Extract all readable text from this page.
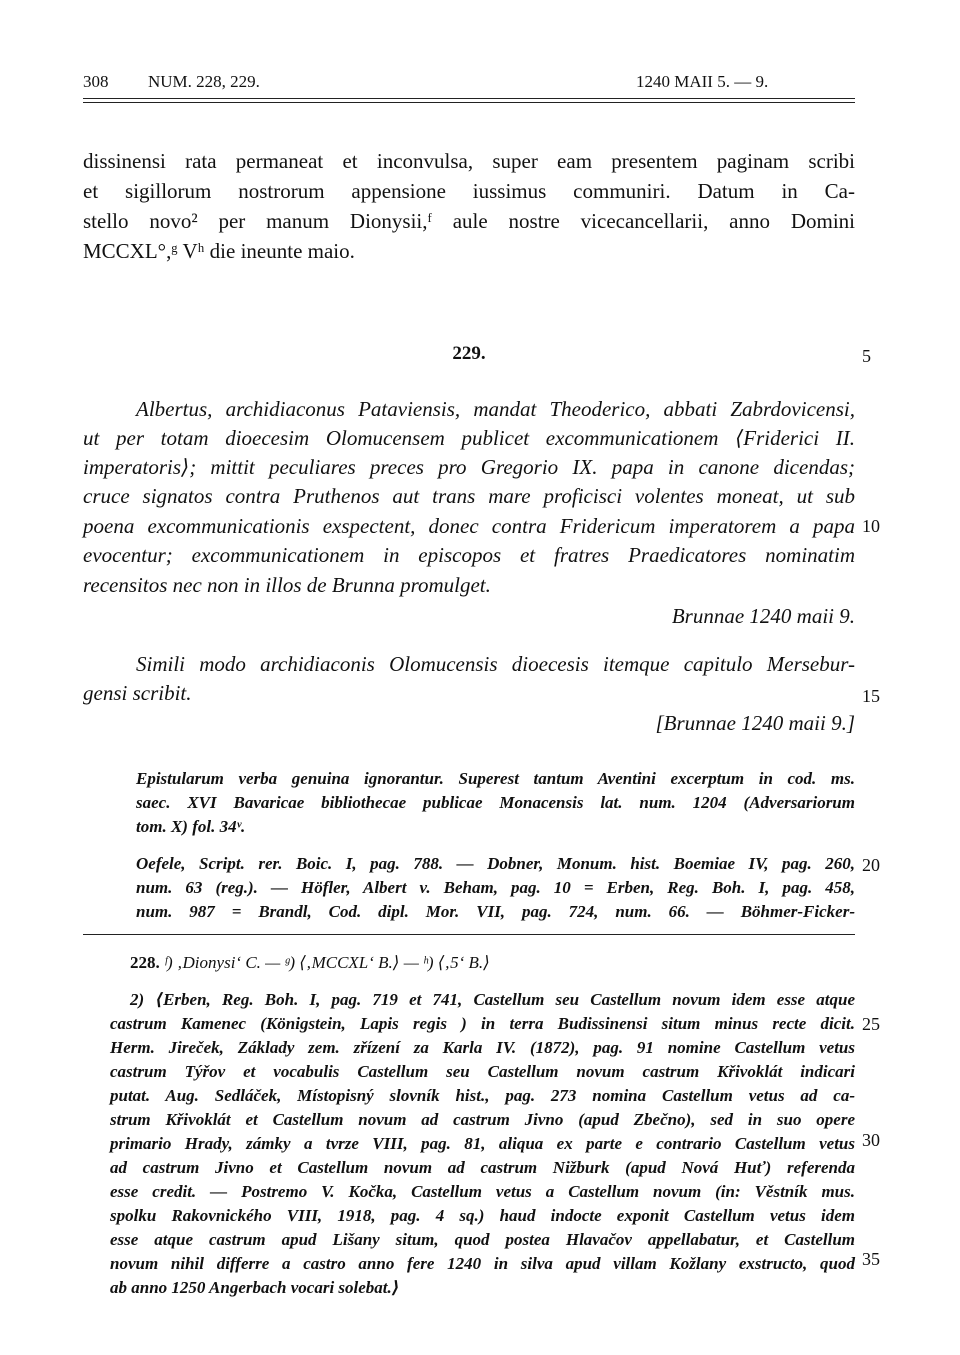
308 NUM. 228, 229.	1240 MAII 5. — 9.
dissinensi rata permaneat et inconvulsa, super eam presentem paginam scribi
et sigillorum nostrorum appensione iussimus communiri. Datum in Ca-
stello novo² per manum Dionysii,ᶠ aule nostre vicecancellarii, anno Domini
MCCXL°,ᵍ Vʰ die ineunte maio.
229.
Albertus, archidiaconus Pataviensis, mandat Theoderico, abbati Zabrdovicensi,
ut per totam dioecesim Olomucensem publicet excommunicationem ⟨Friderici II.
imperatoris⟩; mittit peculiares preces pro Gregorio IX. papa in canone dicendas;
cruce signatos contra Pruthenos aut trans mare proficisci volentes moneat, ut sub
poena excommunicationis exspectent, donec contra Fridericum imperatorem a papa
evocentur; excommunicationem in episcopos et fratres Praedicatores nominatim
recensitos nec non in illos de Brunna promulget.
Brunnae 1240 maii 9.
Simili modo archidiaconis Olomucensis dioecesis itemque capitulo Mersebur-
gensi scribit.
[Brunnae 1240 maii 9.]
Epistularum verba genuina ignorantur. Superest tantum Aventini excerptum in cod. ms.
saec. XVI Bavaricae bibliothecae publicae Monacensis lat. num. 1204 (Adversariorum
tom. X) fol. 34ᵛ.
Oefele, Script. rer. Boic. I, pag. 788. — Dobner, Monum. hist. Boemiae IV, pag. 260,
num. 63 (reg.). — Höfler, Albert v. Beham, pag. 10 = Erben, Reg. Boh. I, pag. 458,
num. 987 = Brandl, Cod. dipl. Mor. VII, pag. 724, num. 66. — Böhmer-Ficker-
5
10
15
20
25
30
35
228. ᶠ) ‚Dionysi‘ C. — ᵍ) ⟨‚MCCXL‘ B.⟩ — ʰ) ⟨‚5‘ B.⟩
2) ⟨Erben, Reg. Boh. I, pag. 719 et 741, Castellum seu Castellum novum idem esse atque
castrum Kamenec (Königstein, Lapis regis ) in terra Budissinensi situm minus recte dicit.
Herm. Jireček, Základy zem. zřízení za Karla IV. (1872), pag. 91 nomine Castellum vetus
castrum Týřov et vocabulis Castellum seu Castellum novum castrum Křivoklát indicari
putat. Aug. Sedláček, Místopisný slovník hist., pag. 273 nomina Castellum vetus ad ca-
strum Křivoklát et Castellum novum ad castrum Jivno (apud Zbečno), sed in suo opere
primario Hrady, zámky a tvrze VIII, pag. 81, aliqua ex parte e contrario Castellum vetus
ad castrum Jivno et Castellum novum ad castrum Nižburk (apud Nová Huť) referenda
esse credit. — Postremo V. Kočka, Castellum vetus a Castellum novum (in: Věstník mus.
spolku Rakovnického VIII, 1918, pag. 4 sq.) haud indocte exponit Castellum vetus idem
esse atque castrum apud Lišany situm, quod postea Hlavačov appellabatur, et Castellum
novum nihil differre a castro anno fere 1240 in silva apud villam Kožlany exstructo, quod
ab anno 1250 Angerbach vocari solebat.⟩
